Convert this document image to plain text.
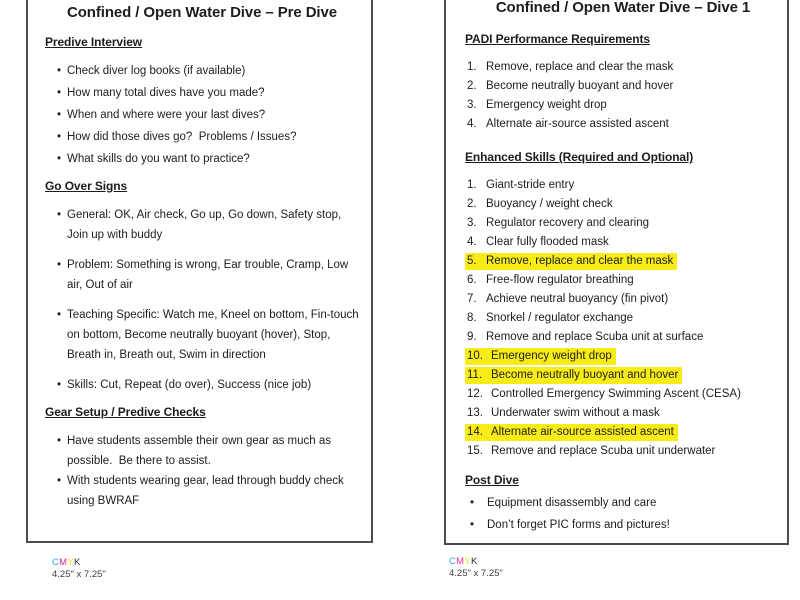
Confined / Open Water Dive – Pre Dive
Predive Interview
• Check diver log books (if available)
• How many total dives have you made?
• When and where were your last dives?
• How did those dives go?  Problems / Issues?
• What skills do you want to practice?
Go Over Signs
• General: OK, Air check, Go up, Go down, Safety stop, Join up with buddy
• Problem: Something is wrong, Ear trouble, Cramp, Low air, Out of air
• Teaching Specific: Watch me, Kneel on bottom, Fin-touch on bottom, Become neutrally buoyant (hover), Stop, Breath in, Breath out, Swim in direction
• Skills: Cut, Repeat (do over), Success (nice job)
Gear Setup / Predive Checks
• Have students assemble their own gear as much as possible.  Be there to assist.
• With students wearing gear, lead through buddy check using BWRAF
Confined / Open Water Dive – Dive 1
PADI Performance Requirements
1. Remove, replace and clear the mask
2. Become neutrally buoyant and hover
3. Emergency weight drop
4. Alternate air-source assisted ascent
Enhanced Skills (Required and Optional)
1. Giant-stride entry
2. Buoyancy / weight check
3. Regulator recovery and clearing
4. Clear fully flooded mask
5. Remove, replace and clear the mask
6. Free-flow regulator breathing
7. Achieve neutral buoyancy (fin pivot)
8. Snorkel / regulator exchange
9. Remove and replace Scuba unit at surface
10. Emergency weight drop
11. Become neutrally buoyant and hover
12. Controlled Emergency Swimming Ascent (CESA)
13. Underwater swim without a mask
14. Alternate air-source assisted ascent
15. Remove and replace Scuba unit underwater
Post Dive
•	Equipment disassembly and care
•	Don’t forget PIC forms and pictures!
CMYK
4.25" x 7.25"
CMYK
4.25" x 7.25"
